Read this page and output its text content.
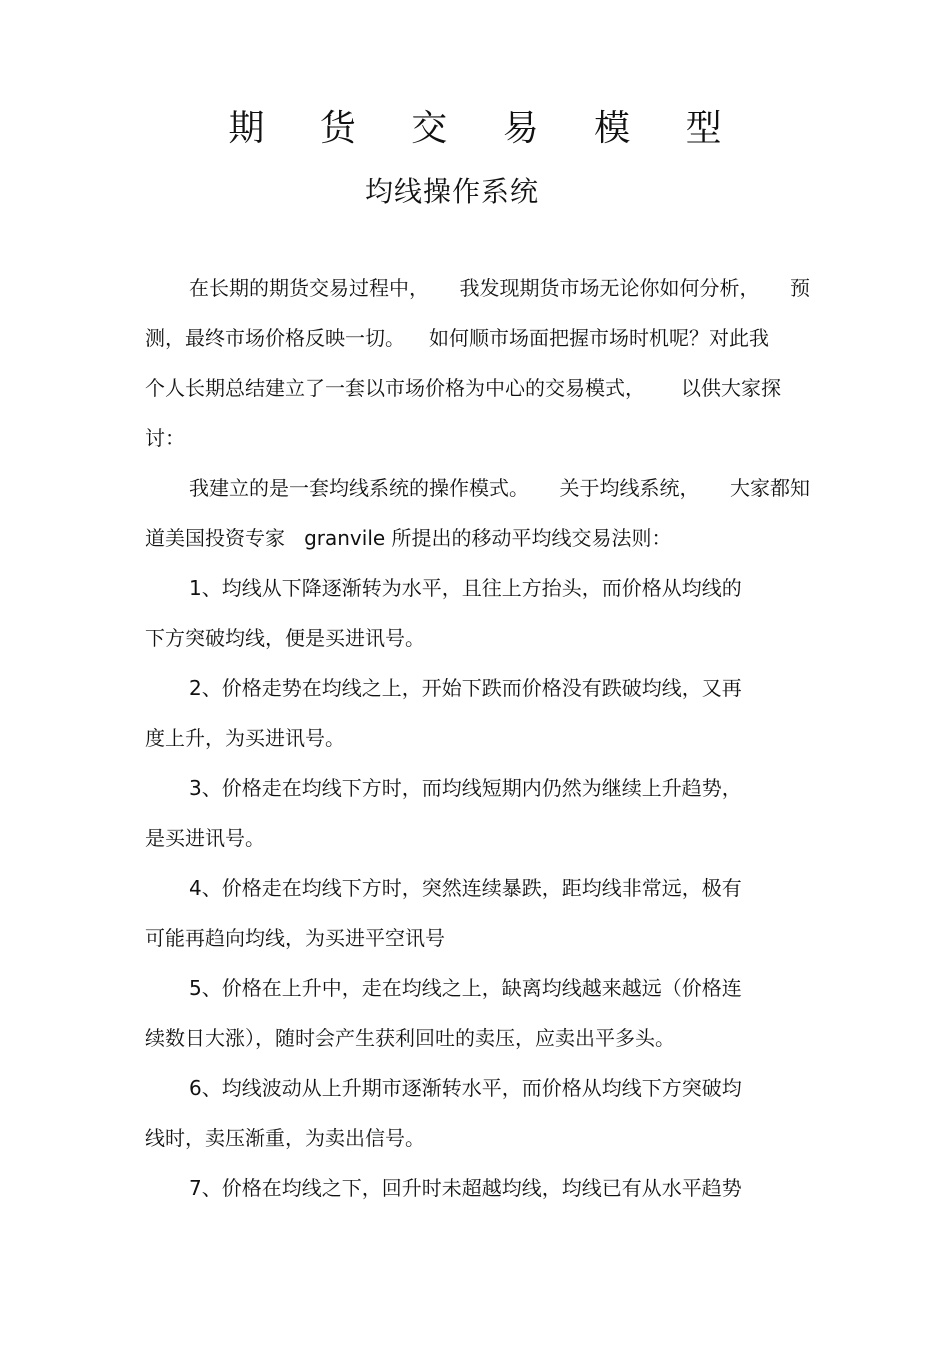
期 货 交 易 模 型
均线操作系统
在长期的期货交易过程中， 我发现期货市场无论你如何分析， 预
测，最终市场价格反映一切。 如何顺市场面把握市场时机呢？对此我
个人长期总结建立了一套以市场价格为中心的交易模式， 以供大家探
讨：
我建立的是一套均线系统的操作模式。 关于均线系统， 大家都知
道美国投资专家   granvile 所提出的移动平均线交易法则：
1、均线从下降逐渐转为水平，且往上方抬头，而价格从均线的
下方突破均线，便是买进讯号。
2、价格走势在均线之上，开始下跌而价格没有跌破均线，又再
度上升，为买进讯号。
3、价格走在均线下方时，而均线短期内仍然为继续上升趋势，
是买进讯号。
4、价格走在均线下方时，突然连续暴跌，距均线非常远，极有
可能再趋向均线，为买进平空讯号
5、价格在上升中，走在均线之上，缺离均线越来越远（价格连
续数日大涨），随时会产生获利回吐的卖压，应卖出平多头。
6、均线波动从上升期市逐渐转水平，而价格从均线下方突破均
线时，卖压渐重，为卖出信号。
7、价格在均线之下，回升时未超越均线，均线已有从水平趋势
